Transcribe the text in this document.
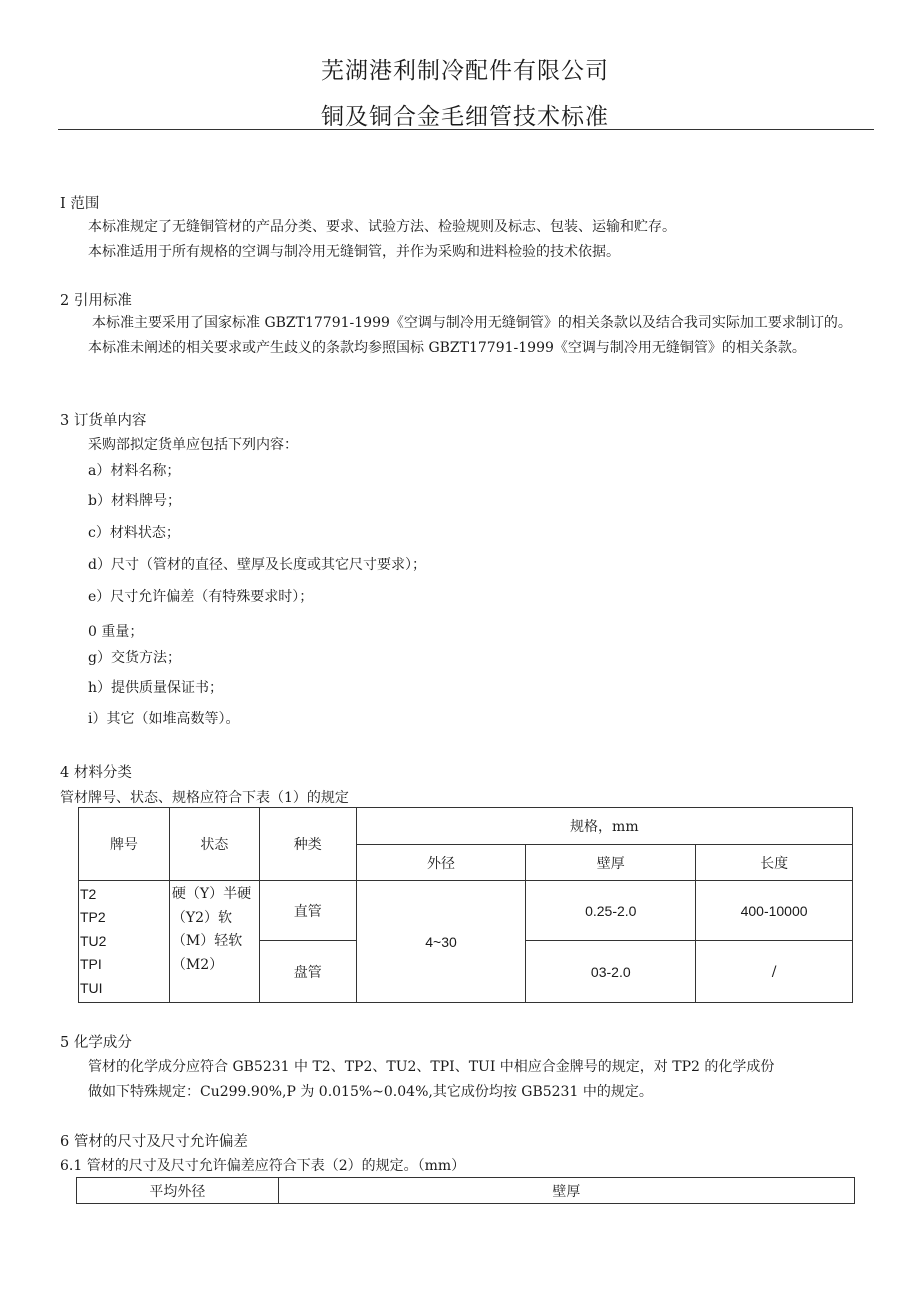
芜湖港利制冷配件有限公司
铜及铜合金毛细管技术标准
I 范围
本标准规定了无缝铜管材的产品分类、要求、试验方法、检验规则及标志、包装、运输和贮存。
本标准适用于所有规格的空调与制冷用无缝铜管，并作为采购和进料检验的技术依据。
2 引用标准
本标准主要采用了国家标准 GBZT17791-1999《空调与制冷用无缝铜管》的相关条款以及结合我司实际加工要求制订的。本标准未阐述的相关要求或产生歧义的条款均参照国标 GBZT17791-1999《空调与制冷用无缝铜管》的相关条款。
3 订货单内容
采购部拟定货单应包括下列内容：
a）材料名称；
b）材料牌号；
c）材料状态；
d）尺寸（管材的直径、壁厚及长度或其它尺寸要求）；
e）尺寸允许偏差（有特殊要求时）；
0 重量；
g）交货方法；
h）提供质量保证书；
i）其它（如堆高数等）。
4 材料分类
管材牌号、状态、规格应符合下表（1）的规定
牌号	状态	种类	规格，mm		
			外径	壁厚	长度

T2
TP2
TU2
TPI
TUI	硬（Y）半硬（Y2）软（M）轻软（M2）	直管	4~30	0.25-2.0	400-10000
		盘管		03-2.0	/
5 化学成分
管材的化学成分应符合 GB5231 中 T2、TP2、TU2、TPI、TUI 中相应合金牌号的规定，对 TP2 的化学成份
做如下特殊规定：Cu299.90%,P 为 0.015%~0.04%,其它成份均按 GB5231 中的规定。
6 管材的尺寸及尺寸允许偏差
6.1 管材的尺寸及尺寸允许偏差应符合下表（2）的规定。（mm）
平均外径	壁厚
